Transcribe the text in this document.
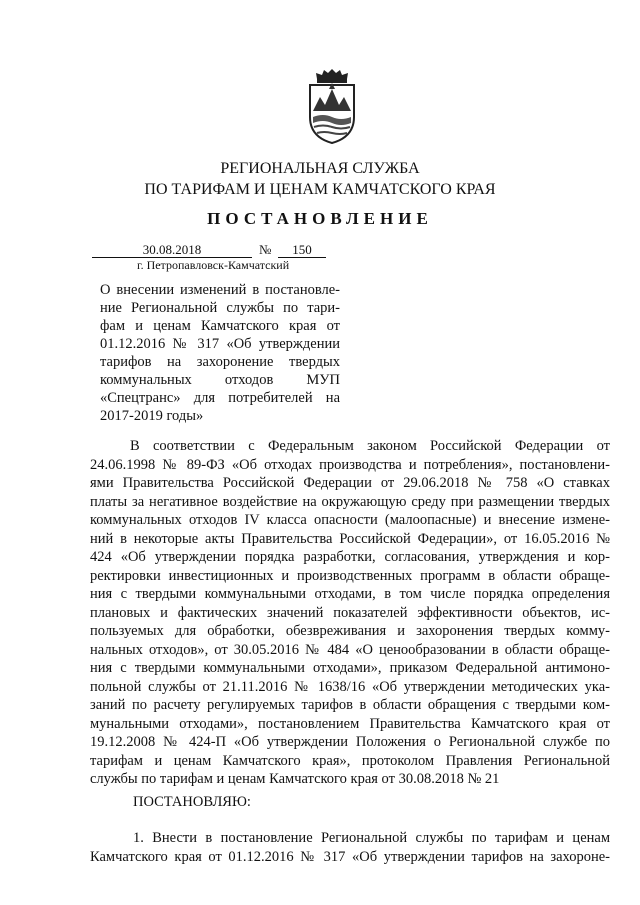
РЕГИОНАЛЬНАЯ СЛУЖБА
ПО ТАРИФАМ И ЦЕНАМ КАМЧАТСКОГО КРАЯ
ПОСТАНОВЛЕНИЕ
30.08.2018	№	150
г. Петропавловск-Камчатский
О внесении изменений в постановле-
ние Региональной службы по тари-
фам и ценам Камчатского края от
01.12.2016 № 317 «Об утверждении
тарифов на захоронение твердых
коммунальных отходов МУП
«Спецтранс» для потребителей на
2017-2019 годы»
В соответствии с Федеральным законом Российской Федерации от
24.06.1998 № 89-ФЗ «Об отходах производства и потребления», постановлени-
ями Правительства Российской Федерации от 29.06.2018 № 758 «О ставках
платы за негативное воздействие на окружающую среду при размещении твердых
коммунальных отходов IV класса опасности (малоопасные) и внесение измене-
ний в некоторые акты Правительства Российской Федерации», от 16.05.2016 №
424 «Об утверждении порядка разработки, согласования, утверждения и кор-
ректировки инвестиционных и производственных программ в области обраще-
ния с твердыми коммунальными отходами, в том числе порядка определения
плановых и фактических значений показателей эффективности объектов, ис-
пользуемых для обработки, обезвреживания и захоронения твердых комму-
нальных отходов», от 30.05.2016 № 484 «О ценообразовании в области обраще-
ния с твердыми коммунальными отходами», приказом Федеральной антимоно-
польной службы от 21.11.2016 № 1638/16 «Об утверждении методических ука-
заний по расчету регулируемых тарифов в области обращения с твердыми ком-
мунальными отходами», постановлением Правительства Камчатского края от
19.12.2008 № 424-П «Об утверждении Положения о Региональной службе по
тарифам и ценам Камчатского края», протоколом Правления Региональной
службы по тарифам и ценам Камчатского края от 30.08.2018 № 21
ПОСТАНОВЛЯЮ:
1. Внести в постановление Региональной службы по тарифам и ценам
Камчатского края от 01.12.2016 № 317 «Об утверждении тарифов на захороне-
